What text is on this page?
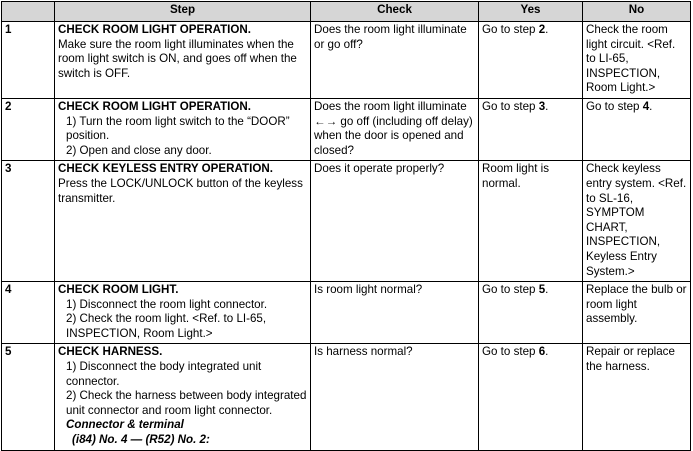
	Step	Check	Yes	No
1	CHECK ROOM LIGHT OPERATION.
Make sure the room light illuminates when the room light switch is ON, and goes off when the switch is OFF.	Does the room light illuminate or go off?	Go to step 2.	Check the room light circuit. <Ref. to LI-65, INSPECTION, Room Light.>
2	CHECK ROOM LIGHT OPERATION.
1) Turn the room light switch to the “DOOR” position.
2) Open and close any door.	Does the room light illuminate ←→ go off (including off delay) when the door is opened and closed?	Go to step 3.	Go to step 4.
3	CHECK KEYLESS ENTRY OPERATION.
Press the LOCK/UNLOCK button of the keyless transmitter.	Does it operate properly?	Room light is normal.	Check keyless entry system. <Ref. to SL-16, SYMPTOM CHART, INSPECTION, Keyless Entry System.>
4	CHECK ROOM LIGHT.
1) Disconnect the room light connector.
2) Check the room light. <Ref. to LI-65, INSPECTION, Room Light.>	Is room light normal?	Go to step 5.	Replace the bulb or room light assembly.
5	CHECK HARNESS.
1) Disconnect the body integrated unit connector.
2) Check the harness between body integrated unit connector and room light connector.
Connector & terminal
(i84) No. 4 — (R52) No. 2:	Is harness normal?	Go to step 6.	Repair or replace the harness.
